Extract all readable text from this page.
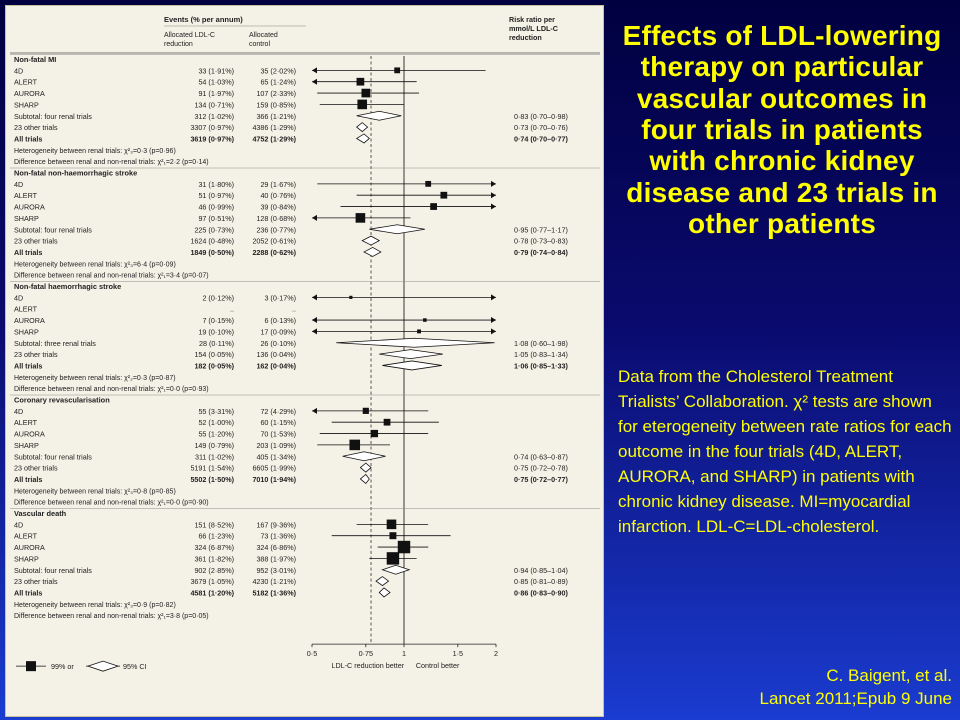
Events (% per annum)
Allocated LDL-C
reduction
Allocated
control
Risk ratio per
mmol/L LDL-C
reduction
Non-fatal MI
4D	33 (1·91%)	35 (2·02%)
ALERT	54 (1·03%)	65 (1·24%)
AURORA	91 (1·97%)	107 (2·33%)
SHARP	134 (0·71%)	159 (0·85%)
Subtotal: four renal trials	312 (1·02%)	366 (1·21%)	0·83 (0·70–0·98)
23 other trials	3307 (0·97%)	4386 (1·29%)	0·73 (0·70–0·76)
All trials	3619 (0·97%)	4752 (1·29%)	0·74 (0·70–0·77)
Heterogeneity between renal trials: χ²₃=0·3 (p=0·96)
Difference between renal and non-renal trials: χ²₁=2·2 (p=0·14)
Non-fatal non-haemorrhagic stroke
4D	31 (1·80%)	29 (1·67%)
ALERT	51 (0·97%)	40 (0·76%)
AURORA	46 (0·99%)	39 (0·84%)
SHARP	97 (0·51%)	128 (0·68%)
Subtotal: four renal trials	225 (0·73%)	236 (0·77%)	0·95 (0·77–1·17)
23 other trials	1624 (0·48%)	2052 (0·61%)	0·78 (0·73–0·83)
All trials	1849 (0·50%)	2288 (0·62%)	0·79 (0·74–0·84)
Heterogeneity between renal trials: χ²₃=6·4 (p=0·09)
Difference between renal and non-renal trials: χ²₁=3·4 (p=0·07)
Non-fatal haemorrhagic stroke
4D	2 (0·12%)	3 (0·17%)
ALERT	..	..
AURORA	7 (0·15%)	6 (0·13%)
SHARP	19 (0·10%)	17 (0·09%)
Subtotal: three renal trials	28 (0·11%)	26 (0·10%)	1·08 (0·60–1·98)
23 other trials	154 (0·05%)	136 (0·04%)	1·05 (0·83–1·34)
All trials	182 (0·05%)	162 (0·04%)	1·06 (0·85–1·33)
Heterogeneity between renal trials: χ²₂=0·3 (p=0·87)
Difference between renal and non-renal trials: χ²₁=0·0 (p=0·93)
Coronary revascularisation
4D	55 (3·31%)	72 (4·29%)
ALERT	52 (1·00%)	60 (1·15%)
AURORA	55 (1·20%)	70 (1·53%)
SHARP	149 (0·79%)	203 (1·09%)
Subtotal: four renal trials	311 (1·02%)	405 (1·34%)	0·74 (0·63–0·87)
23 other trials	5191 (1·54%)	6605 (1·99%)	0·75 (0·72–0·78)
All trials	5502 (1·50%)	7010 (1·94%)	0·75 (0·72–0·77)
Heterogeneity between renal trials: χ²₃=0·8 (p=0·85)
Difference between renal and non-renal trials: χ²₁=0·0 (p=0·90)
Vascular death
4D	151 (8·52%)	167 (9·36%)
ALERT	66 (1·23%)	73 (1·36%)
AURORA	324 (6·87%)	324 (6·86%)
SHARP	361 (1·82%)	388 (1·97%)
Subtotal: four renal trials	902 (2·85%)	952 (3·01%)	0·94 (0·85–1·04)
23 other trials	3679 (1·05%)	4230 (1·21%)	0·85 (0·81–0·89)
All trials	4581 (1·20%)	5182 (1·36%)	0·86 (0·83–0·90)
Heterogeneity between renal trials: χ²₃=0·9 (p=0·82)
Difference between renal and non-renal trials: χ²₁=3·8 (p=0·05)
0·5	0·75	1	1·5	2
LDL-C reduction better Control better
99% or	95% CI
Effects of LDL-lowering therapy on particular vascular outcomes in four trials in patients with chronic kidney disease and 23 trials in other patients
Data from the Cholesterol Treatment Trialists’ Collaboration. χ² tests are shown for eterogeneity between rate ratios for each outcome in the four trials (4D, ALERT, AURORA, and SHARP) in patients with chronic kidney disease. MI=myocardial infarction. LDL-C=LDL-cholesterol.
C. Baigent, et al.
Lancet 2011;Epub 9 June
